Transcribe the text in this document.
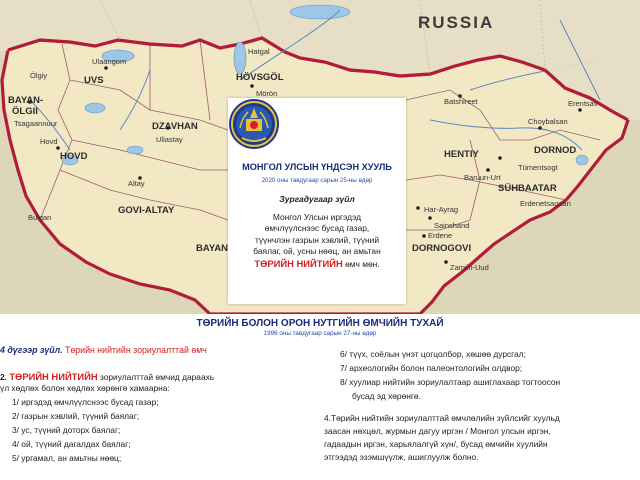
RUSSIA
UVS	HÖVSGÖL
BAYAN-
ÖLGII
DZAVHAN
HOVD
GOVI-ALTAY
BAYAN
HENTIY	DORNOD
SÜHBAATAR
DORNOGOVI
Ulaangom
Ölgiy
Hovd	Uliastay
Altay
Mörön
Hatgal
Batshireet
Choybalsan
Erentsav
Tümentsogt
Baruun-Urt
Sainshand
Har-Ayrag
Zamiin-Uud
Erdene
Erdenetsagaan
Tsagaannuur
Bulgan
МОНГОЛ УЛСЫН ҮНДСЭН ХУУЛЬ
2020 оны тавдугаар сарын 25-ны өдөр
Зургадугаар зүйл
Монгол Улсын иргэдэд
өмчлүүлснээс бусад газар,
түүнчлэн газрын хэвлий, түүний
баялаг, ой, усны нөөц, ан амьтан
ТӨРИЙН НИЙТИЙН өмч мөн.
ТӨРИЙН БОЛОН ОРОН НУТГИЙН ӨМЧИЙН ТУХАЙ
1996 оны тавдугаар сарын 27-ны өдөр
4 дүгээр зүйл. Төрийн нийтийн зориулалттай өмч
2. ТӨРИЙН НИЙТИЙН зориулалттай өмчид дараахь
үл хөдлөх болон хөдлөх хөрөнгө хамаарна:
1/ иргэдэд өмчлүүлснээс бусад газар;
2/ газрын хэвлий, түүний баялаг;
3/ ус, түүний доторх баялаг;
4/ ой, түүний дагалдах баялаг;
5/ ургамал, ан амьтны нөөц;
6/ түүх, соёлын үнэт цогцолбор, хөшөө дурсгал;
7/ археологийн болон палеонтологийн олдвор;
8/ хуулиар нийтийн зориулалтаар ашиглахаар тогтоосон
бусад эд хөрөнгө.
4.Төрийн нийтийн зориулалттай өмчлөлийн зүйлсийг хуульд
заасан нөхцөл, журмын дагуу иргэн / Монгол улсын иргэн,
гадаадын иргэн, харьялалгүй хүн/, бусад өмчийн хуулийн
этгээдэд эзэмшүүлж, ашиглуулж болно.
